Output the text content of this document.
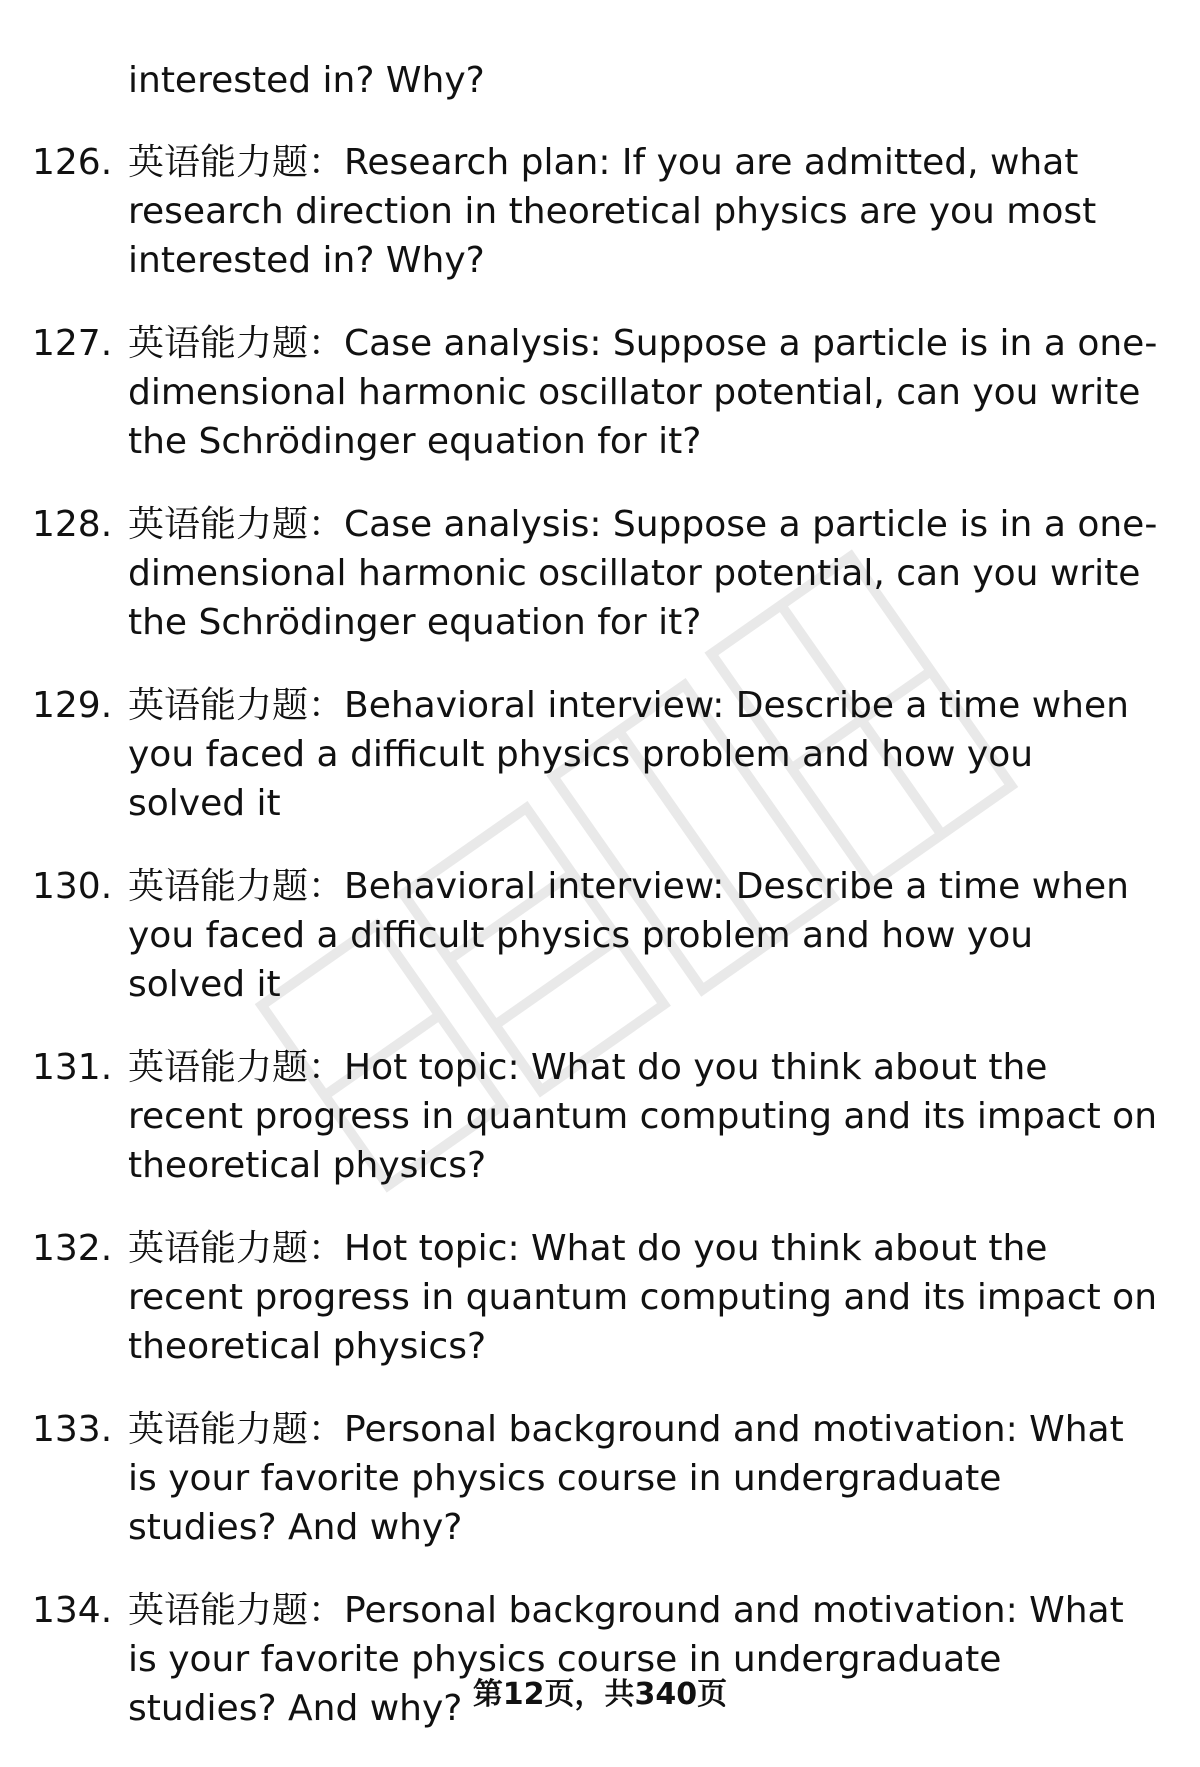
interested in? Why?
126. 英语能力题：Research plan: If you are admitted, what research direction in theoretical physics are you most interested in? Why?
127. 英语能力题：Case analysis: Suppose a particle is in a one-dimensional harmonic oscillator potential, can you write the Schrödinger equation for it?
128. 英语能力题：Case analysis: Suppose a particle is in a one-dimensional harmonic oscillator potential, can you write the Schrödinger equation for it?
129. 英语能力题：Behavioral interview: Describe a time when you faced a difficult physics problem and how you solved it
130. 英语能力题：Behavioral interview: Describe a time when you faced a difficult physics problem and how you solved it
131. 英语能力题：Hot topic: What do you think about the recent progress in quantum computing and its impact on theoretical physics?
132. 英语能力题：Hot topic: What do you think about the recent progress in quantum computing and its impact on theoretical physics?
133. 英语能力题：Personal background and motivation: What is your favorite physics course in undergraduate studies? And why?
134. 英语能力题：Personal background and motivation: What is your favorite physics course in undergraduate studies? And why? 第12页，共340页
